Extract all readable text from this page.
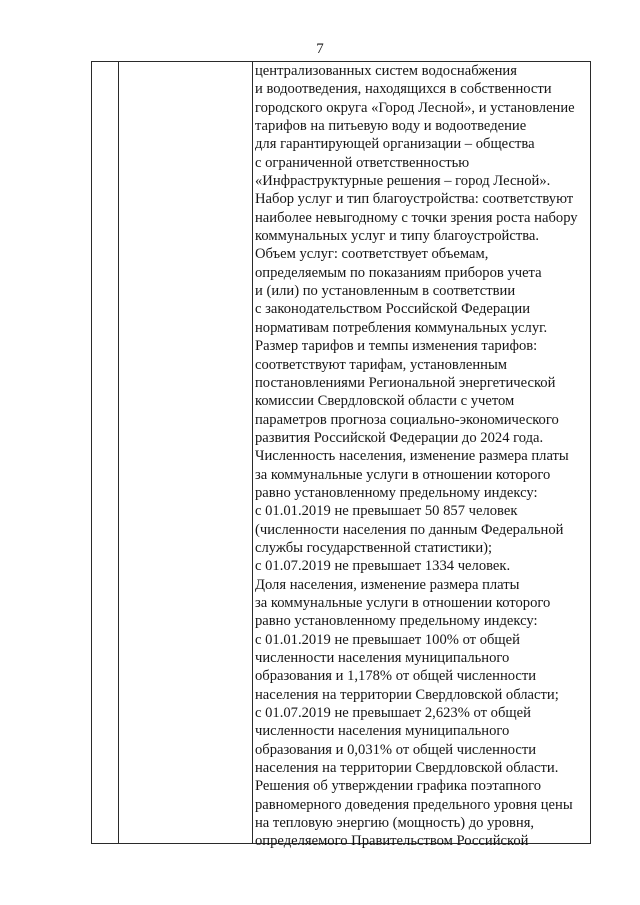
7
централизованных систем водоснабжения
и водоотведения, находящихся в собственности
городского округа «Город Лесной», и установление
тарифов на питьевую воду и водоотведение
для гарантирующей организации – общества
с ограниченной ответственностью
«Инфраструктурные решения – город Лесной».
Набор услуг и тип благоустройства: соответствуют
наиболее невыгодному с точки зрения роста набору
коммунальных услуг и типу благоустройства.
Объем услуг: соответствует объемам,
определяемым по показаниям приборов учета
и (или) по установленным в соответствии
с законодательством Российской Федерации
нормативам потребления коммунальных услуг.
Размер тарифов и темпы изменения тарифов:
соответствуют тарифам, установленным
постановлениями Региональной энергетической
комиссии Свердловской области с учетом
параметров прогноза социально-экономического
развития Российской Федерации до 2024 года.
Численность населения, изменение размера платы
за коммунальные услуги в отношении которого
равно установленному предельному индексу:
с 01.01.2019 не превышает 50 857 человек
(численности населения по данным Федеральной
службы государственной статистики);
с 01.07.2019 не превышает 1334 человек.
Доля населения, изменение размера платы
за коммунальные услуги в отношении которого
равно установленному предельному индексу:
с 01.01.2019 не превышает 100% от общей
численности населения муниципального
образования и 1,178% от общей численности
населения на территории Свердловской области;
с 01.07.2019 не превышает 2,623% от общей
численности населения муниципального
образования и 0,031% от общей численности
населения на территории Свердловской области.
Решения об утверждении графика поэтапного
равномерного доведения предельного уровня цены
на тепловую энергию (мощность) до уровня,
определяемого Правительством Российской
